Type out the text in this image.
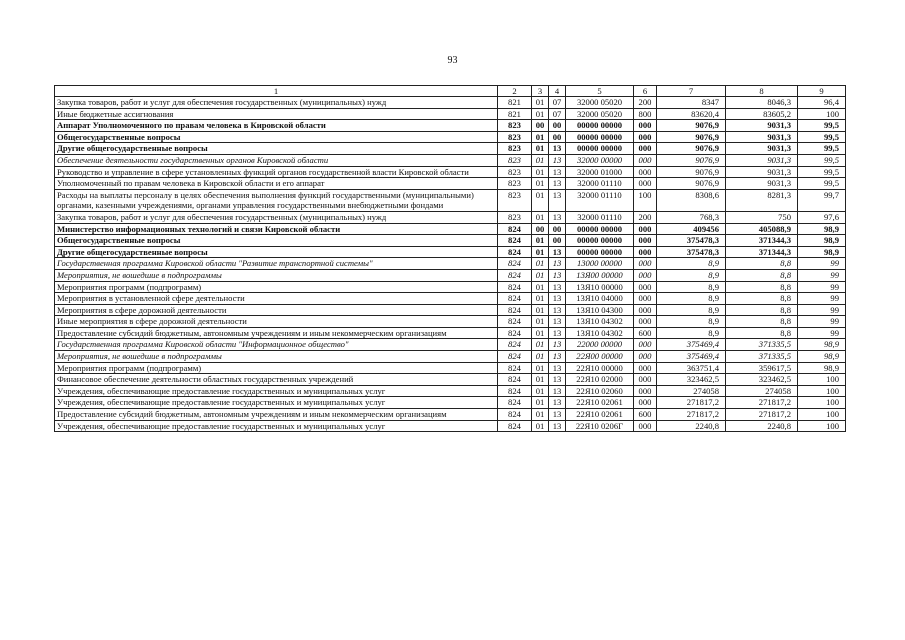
93
1	2	3	4	5	6	7	8	9
Закупка товаров, работ и услуг для обеспечения государственных (муниципальных) нужд	821	01	07	32000 05020	200	8347	8046,3	96,4
Иные бюджетные ассигнования	821	01	07	32000 05020	800	83620,4	83605,2	100
Аппарат Уполномоченного по правам человека в Кировской области	823	00	00	00000 00000	000	9076,9	9031,3	99,5
Общегосударственные вопросы	823	01	00	00000 00000	000	9076,9	9031,3	99,5
Другие общегосударственные вопросы	823	01	13	00000 00000	000	9076,9	9031,3	99,5
Обеспечение деятельности государственных органов Кировской области	823	01	13	32000 00000	000	9076,9	9031,3	99,5
Руководство и управление в сфере установленных функций органов государственной власти Кировской области	823	01	13	32000 01000	000	9076,9	9031,3	99,5
Уполномоченный по правам человека в Кировской области и его аппарат	823	01	13	32000 01110	000	9076,9	9031,3	99,5
Расходы на выплаты персоналу в целях обеспечения выполнения функций государственными (муниципальными) органами, казенными учреждениями, органами управления государственными внебюджетными фондами	823	01	13	32000 01110	100	8308,6	8281,3	99,7
Закупка товаров, работ и услуг для обеспечения государственных (муниципальных) нужд	823	01	13	32000 01110	200	768,3	750	97,6
Министерство информационных технологий и связи Кировской области	824	00	00	00000 00000	000	409456	405088,9	98,9
Общегосударственные вопросы	824	01	00	00000 00000	000	375478,3	371344,3	98,9
Другие общегосударственные вопросы	824	01	13	00000 00000	000	375478,3	371344,3	98,9
Государственная программа Кировской области "Развитие транспортной системы"	824	01	13	13000 00000	000	8,9	8,8	99
Мероприятия, не вошедшие в подпрограммы	824	01	13	13Я00 00000	000	8,9	8,8	99
Мероприятия программ (подпрограмм)	824	01	13	13Я10 00000	000	8,9	8,8	99
Мероприятия в установленной сфере деятельности	824	01	13	13Я10 04000	000	8,9	8,8	99
Мероприятия в сфере дорожной деятельности	824	01	13	13Я10 04300	000	8,9	8,8	99
Иные мероприятия в сфере дорожной деятельности	824	01	13	13Я10 04302	000	8,9	8,8	99
Предоставление субсидий бюджетным, автономным учреждениям и иным некоммерческим организациям	824	01	13	13Я10 04302	600	8,9	8,8	99
Государственная программа Кировской области "Информационное общество"	824	01	13	22000 00000	000	375469,4	371335,5	98,9
Мероприятия, не вошедшие в подпрограммы	824	01	13	22Я00 00000	000	375469,4	371335,5	98,9
Мероприятия программ (подпрограмм)	824	01	13	22Я10 00000	000	363751,4	359617,5	98,9
Финансовое обеспечение деятельности областных государственных учреждений	824	01	13	22Я10 02000	000	323462,5	323462,5	100
Учреждения, обеспечивающие предоставление государственных и муниципальных услуг	824	01	13	22Я10 02060	000	274058	274058	100
Учреждения, обеспечивающие предоставление государственных и муниципальных услуг	824	01	13	22Я10 02061	000	271817,2	271817,2	100
Предоставление субсидий бюджетным, автономным учреждениям и иным некоммерческим организациям	824	01	13	22Я10 02061	600	271817,2	271817,2	100
Учреждения, обеспечивающие предоставление государственных и муниципальных услуг	824	01	13	22Я10 0206Г	000	2240,8	2240,8	100
